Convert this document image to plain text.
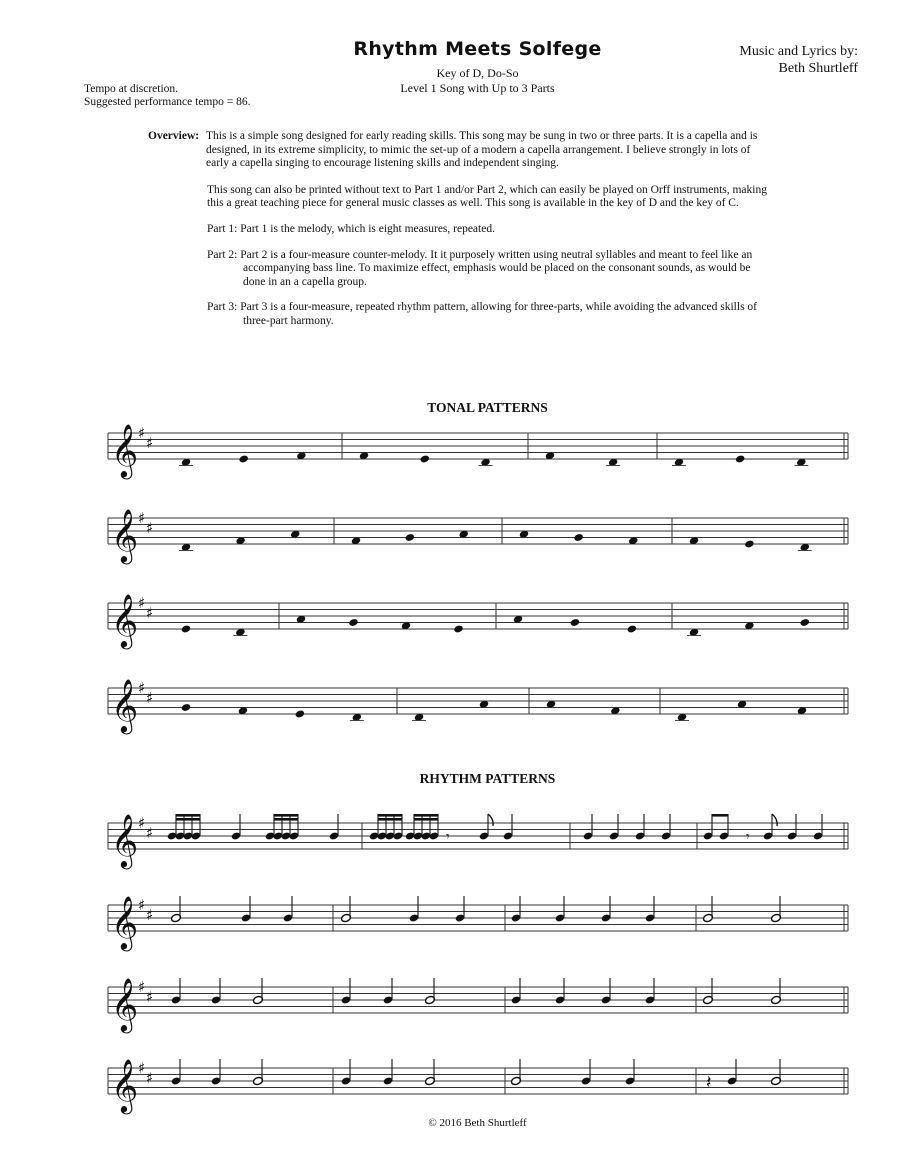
Rhythm Meets Solfege
Key of D, Do-So
Level 1 Song with Up to 3 Parts
Music and Lyrics by:
Beth Shurtleff
Tempo at discretion.
Suggested performance tempo = 86.
Overview: This is a simple song designed for early reading skills. This song may be sung in two or three parts. It is a capella and is designed, in its extreme simplicity, to mimic the set-up of a modern a capella arrangement. I believe strongly in lots of early a capella singing to encourage listening skills and independent singing.

This song can also be printed without text to Part 1 and/or Part 2, which can easily be played on Orff instruments, making this a great teaching piece for general music classes as well. This song is available in the key of D and the key of C.

Part 1: Part 1 is the melody, which is eight measures, repeated.

Part 2: Part 2 is a four-measure counter-melody. It it purposely written using neutral syllables and meant to feel like an accompanying bass line. To maximize effect, emphasis would be placed on the consonant sounds, as would be done in an a capella group.

Part 3: Part 3 is a four-measure, repeated rhythm pattern, allowing for three-parts, while avoiding the advanced skills of three-part harmony.

TONAL PATTERNS
RHYTHM PATTERNS
𝄞 ♯
♯
𝄞 ♯
♯
𝄞 ♯
♯
𝄞 ♯
♯
𝄞 ♯
♯
𝄞 ♯
♯
𝄞 ♯
♯
𝄞 ♯
♯
𝄾	𝄾
𝄽
© 2016 Beth Shurtleff
